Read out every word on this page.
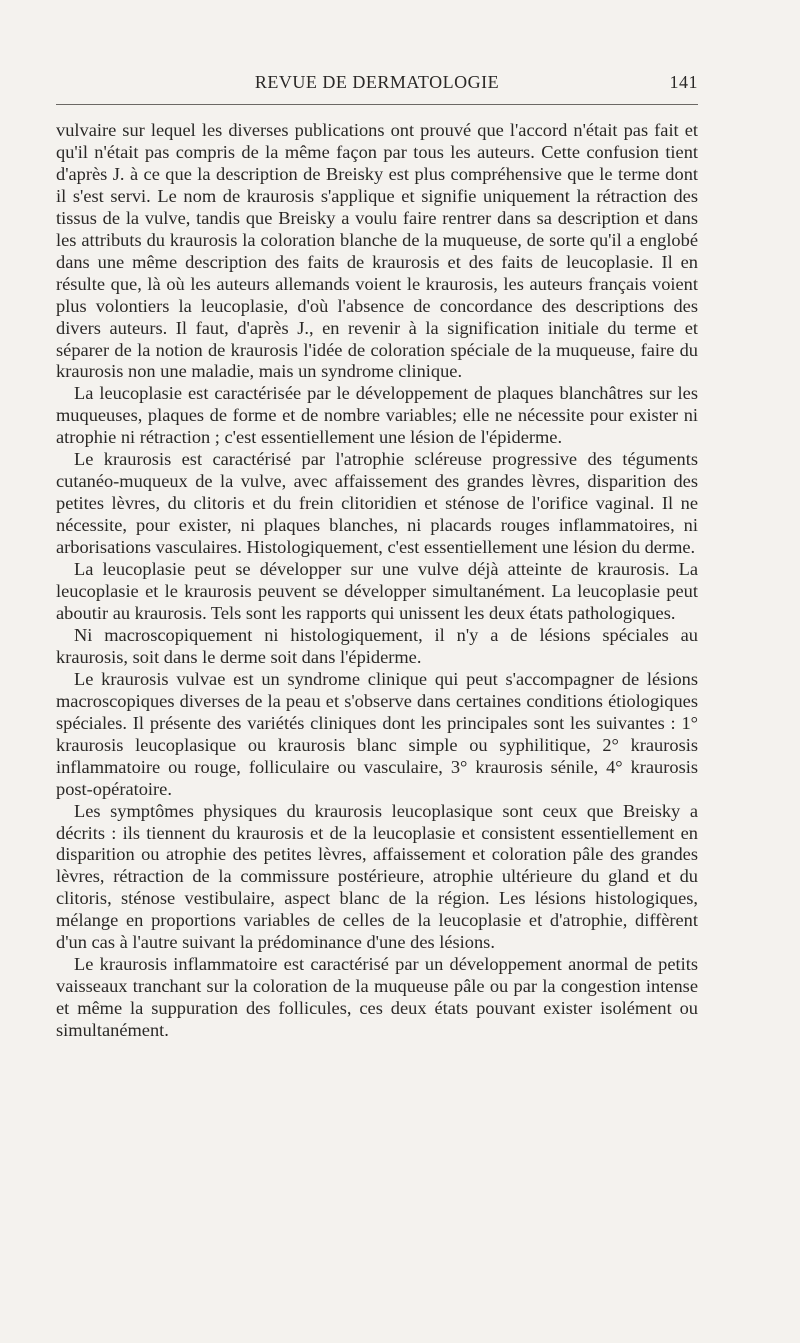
REVUE DE DERMATOLOGIE	141

vulvaire sur lequel les diverses publications ont prouvé que l'accord n'était pas fait et qu'il n'était pas compris de la même façon par tous les auteurs. Cette confusion tient d'après J. à ce que la description de Breisky est plus compréhensive que le terme dont il s'est servi. Le nom de kraurosis s'applique et signifie uniquement la rétraction des tissus de la vulve, tandis que Breisky a voulu faire rentrer dans sa description et dans les attributs du kraurosis la coloration blanche de la muqueuse, de sorte qu'il a englobé dans une même description des faits de kraurosis et des faits de leucoplasie. Il en résulte que, là où les auteurs allemands voient le kraurosis, les auteurs français voient plus volontiers la leucoplasie, d'où l'absence de concordance des descriptions des divers auteurs. Il faut, d'après J., en revenir à la signification initiale du terme et séparer de la notion de kraurosis l'idée de coloration spéciale de la muqueuse, faire du kraurosis non une maladie, mais un syndrome clinique.

La leucoplasie est caractérisée par le développement de plaques blanchâtres sur les muqueuses, plaques de forme et de nombre variables; elle ne nécessite pour exister ni atrophie ni rétraction ; c'est essentiellement une lésion de l'épiderme.

Le kraurosis est caractérisé par l'atrophie scléreuse progressive des téguments cutanéo-muqueux de la vulve, avec affaissement des grandes lèvres, disparition des petites lèvres, du clitoris et du frein clitoridien et sténose de l'orifice vaginal. Il ne nécessite, pour exister, ni plaques blanches, ni placards rouges inflammatoires, ni arborisations vasculaires. Histologiquement, c'est essentiellement une lésion du derme.

La leucoplasie peut se développer sur une vulve déjà atteinte de kraurosis. La leucoplasie et le kraurosis peuvent se développer simultanément. La leucoplasie peut aboutir au kraurosis. Tels sont les rapports qui unissent les deux états pathologiques.

Ni macroscopiquement ni histologiquement, il n'y a de lésions spéciales au kraurosis, soit dans le derme soit dans l'épiderme.

Le kraurosis vulvae est un syndrome clinique qui peut s'accompagner de lésions macroscopiques diverses de la peau et s'observe dans certaines conditions étiologiques spéciales. Il présente des variétés cliniques dont les principales sont les suivantes : 1° kraurosis leucoplasique ou kraurosis blanc simple ou syphilitique, 2° kraurosis inflammatoire ou rouge, folliculaire ou vasculaire, 3° kraurosis sénile, 4° kraurosis post-opératoire.

Les symptômes physiques du kraurosis leucoplasique sont ceux que Breisky a décrits : ils tiennent du kraurosis et de la leucoplasie et consistent essentiellement en disparition ou atrophie des petites lèvres, affaissement et coloration pâle des grandes lèvres, rétraction de la commissure postérieure, atrophie ultérieure du gland et du clitoris, sténose vestibulaire, aspect blanc de la région. Les lésions histologiques, mélange en proportions variables de celles de la leucoplasie et d'atrophie, diffèrent d'un cas à l'autre suivant la prédominance d'une des lésions.

Le kraurosis inflammatoire est caractérisé par un développement anormal de petits vaisseaux tranchant sur la coloration de la muqueuse pâle ou par la congestion intense et même la suppuration des follicules, ces deux états pouvant exister isolément ou simultanément.
